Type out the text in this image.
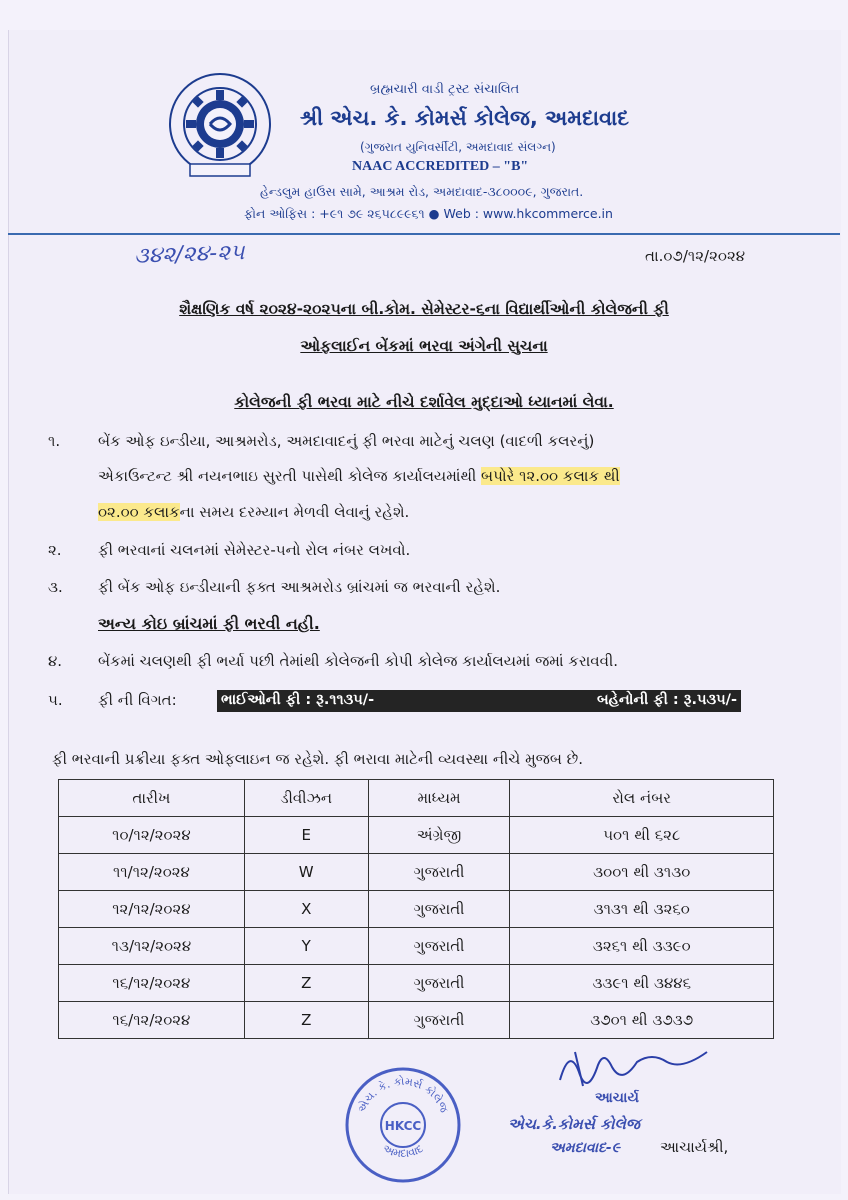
બ્રહ્મચારી વાડી ટ્રસ્ટ સંચાલિત
શ્રી એચ. કે. કોમર્સ કોલેજ, અમદાવાદ
(ગુજરાત યુનિવર્સીટી, અમદાવાદ સંલગ્ન)
NAAC ACCREDITED – "B"
હેન્ડલુમ હાઉસ સામે, આશ્રમ રોડ, અમદાવાદ-૩૮૦૦૦૯, ગુજરાત.
ફોન ઓફિસ : +૯૧ ૭૯ ૨૬૫૮૯૯૬૧ ● Web : www.hkcommerce.in
૩૪૨/૨૪-૨૫	તા.૦૭/૧૨/૨૦૨૪
શૈક્ષણિક વર્ષ ૨૦૨૪-૨૦૨૫ના બી.કોમ. સેમેસ્ટર-૬ના વિદ્યાર્થીઓની કોલેજની ફી
ઓફલાઈન બેંકમાં ભરવા અંગેની સુચના
કોલેજની ફી ભરવા માટે નીચે દર્શાવેલ મુદ્દાઓ ધ્યાનમાં લેવા.
૧.	બેંક ઓફ ઇન્ડીયા, આશ્રમરોડ, અમદાવાદનું ફી ભરવા માટેનું ચલણ (વાદળી કલરનું)
એકાઉન્ટન્ટ શ્રી નયનભાઇ સુરતી પાસેથી કોલેજ કાર્યાલયમાંથી બપોરે ૧૨.૦૦ કલાક થી
૦૨.૦૦ કલાકના સમય દરમ્યાન મેળવી લેવાનું રહેશે.
૨. ફી ભરવાનાં ચલનમાં સેમેસ્ટર-૫નો રોલ નંબર લખવો.
૩. ફી બેંક ઓફ ઇન્ડીયાની ફક્ત આશ્રમરોડ બ્રાંચમાં જ ભરવાની રહેશે.
અન્ય કોઇ બ્રાંચમાં ફી ભરવી નહી.
૪. બેંકમાં ચલણથી ફી ભર્યા પછી તેમાંથી કોલેજની કોપી કોલેજ કાર્યાલયમાં જમાં કરાવવી.
૫. ફી ની વિગત:	ભાઈઓની ફી : રૂ.૧૧૩૫/-	બહેનોની ફી : રૂ.૫૩૫/-
ફી ભરવાની પ્રક્રીયા ફક્ત ઓફલાઇન જ રહેશે. ફી ભરાવા માટેની વ્યવસ્થા નીચે મુજબ છે.
તારીખ	ડીવીઝન	માધ્યમ	રોલ નંબર
૧૦/૧૨/૨૦૨૪	E	અંગ્રેજી	૫૦૧ થી ૬૨૮
૧૧/૧૨/૨૦૨૪	W	ગુજરાતી	૩૦૦૧ થી ૩૧૩૦
૧૨/૧૨/૨૦૨૪	X	ગુજરાતી	૩૧૩૧ થી ૩૨૬૦
૧૩/૧૨/૨૦૨૪	Y	ગુજરાતી	૩૨૬૧ થી ૩૩૯૦
૧૬/૧૨/૨૦૨૪	Z	ગુજરાતી	૩૩૯૧ થી ૩૪૪૬
૧૬/૧૨/૨૦૨૪	Z	ગુજરાતી	૩૭૦૧ થી ૩૭૩૭
આચાર્ય
એચ.કે.કોમર્સ કોલેજ
અમદાવાદ-૯	આચાર્યશ્રી,
એચ. કે. કોમર્સ કોલેજ
અમદાવાદ
HKCC
